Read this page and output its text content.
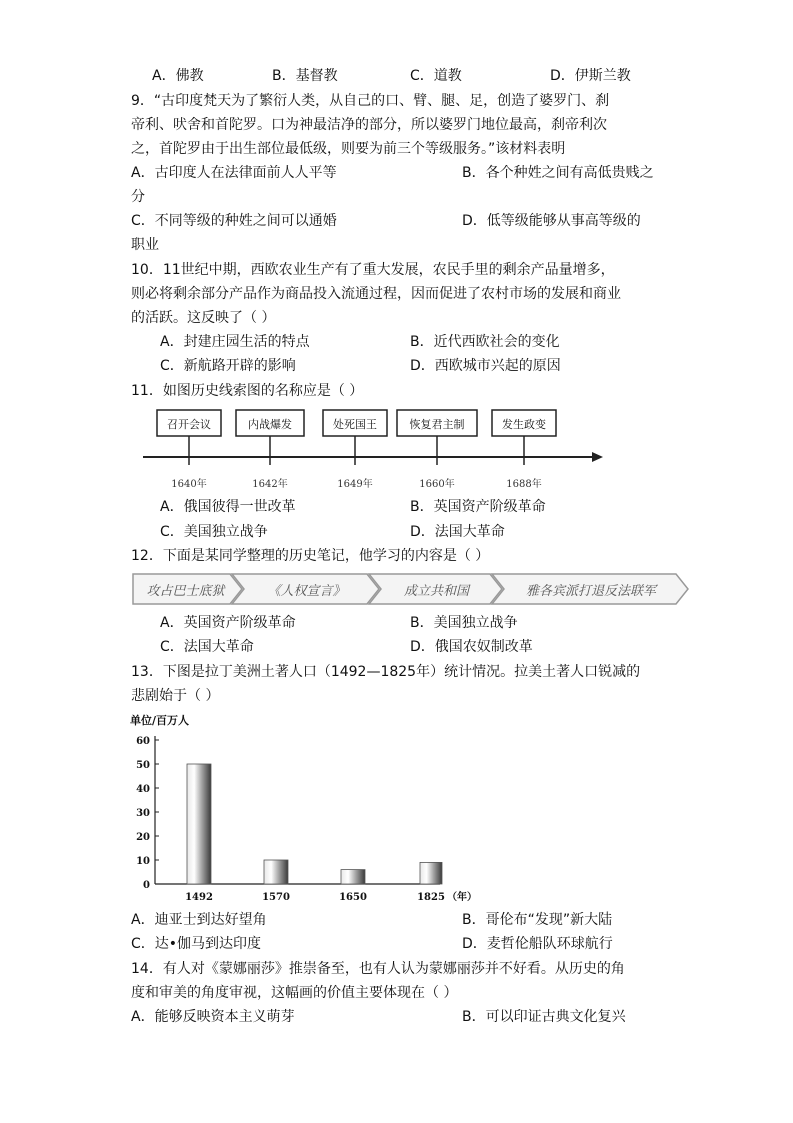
A．佛教	B．基督教	C．道教	D．伊斯兰教
9．“古印度梵天为了繁衍人类，从自己的口、臂、腿、足，创造了婆罗门、刹
帝利、吠舍和首陀罗。口为神最洁净的部分，所以婆罗门地位最高，刹帝利次
之，首陀罗由于出生部位最低级，则要为前三个等级服务。”该材料表明
A．古印度人在法律面前人人平等	B．各个种姓之间有高低贵贱之
分
C．不同等级的种姓之间可以通婚	D．低等级能够从事高等级的
职业
10．11世纪中期，西欧农业生产有了重大发展，农民手里的剩余产品量增多，
则必将剩余部分产品作为商品投入流通过程，因而促进了农村市场的发展和商业
的活跃。这反映了（ ）
A．封建庄园生活的特点	B．近代西欧社会的变化
C．新航路开辟的影响	D．西欧城市兴起的原因
11．如图历史线索图的名称应是（ ）
召开会议
1640年
内战爆发
1642年
处死国王
1649年
恢复君主制
1660年
发生政变
1688年
A．俄国彼得一世改革	B．英国资产阶级革命
C．美国独立战争	D．法国大革命
12．下面是某同学整理的历史笔记，他学习的内容是（ ）
攻占巴士底狱	《人权宣言》	成立共和国	雅各宾派打退反法联军
A．英国资产阶级革命	B．美国独立战争
C．法国大革命	D．俄国农奴制改革
13．下图是拉丁美洲土著人口（1492—1825年）统计情况。拉美土著人口锐减的
悲剧始于（ ）
单位/百万人
0
10
20
30
40
50
60
1492	1570	1650	1825 （年）
A．迪亚士到达好望角	B．哥伦布“发现”新大陆
C．达•伽马到达印度	D．麦哲伦船队环球航行
14．有人对《蒙娜丽莎》推崇备至，也有人认为蒙娜丽莎并不好看。从历史的角
度和审美的角度审视，这幅画的价值主要体现在（ ）
A．能够反映资本主义萌芽	B．可以印证古典文化复兴
